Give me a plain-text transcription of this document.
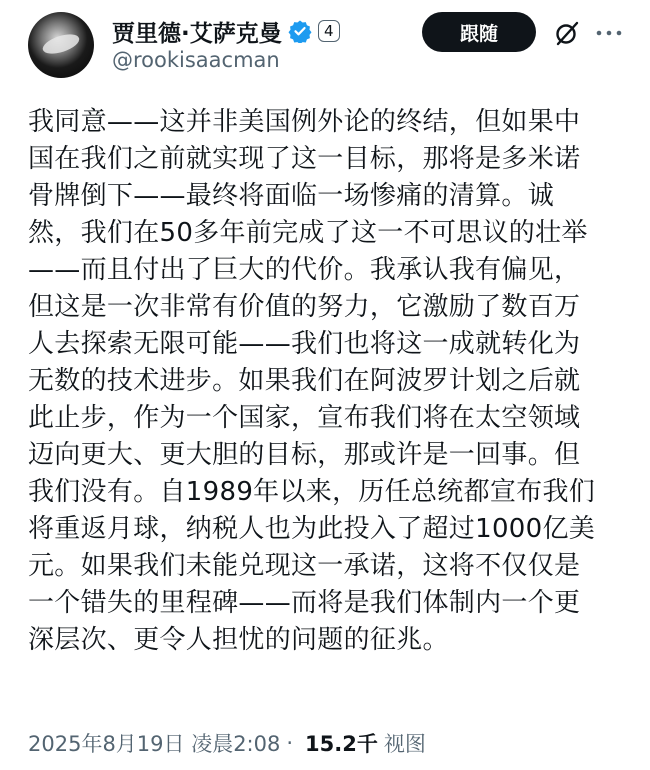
贾里德·艾萨克曼	4
@rookisaacman
跟随
我同意——这并非美国例外论的终结，但如果中
国在我们之前就实现了这一目标，那将是多米诺
骨牌倒下——最终将面临一场惨痛的清算。诚
然，我们在50多年前完成了这一不可思议的壮举
——而且付出了巨大的代价。我承认我有偏见，
但这是一次非常有价值的努力，它激励了数百万
人去探索无限可能——我们也将这一成就转化为
无数的技术进步。如果我们在阿波罗计划之后就
此止步，作为一个国家，宣布我们将在太空领域
迈向更大、更大胆的目标，那或许是一回事。但
我们没有。自1989年以来，历任总统都宣布我们
将重返月球，纳税人也为此投入了超过1000亿美
元。如果我们未能兑现这一承诺，这将不仅仅是
一个错失的里程碑——而将是我们体制内一个更
深层次、更令人担忧的问题的征兆。
2025年8月19日 凌晨2:08 · 15.2千 视图
